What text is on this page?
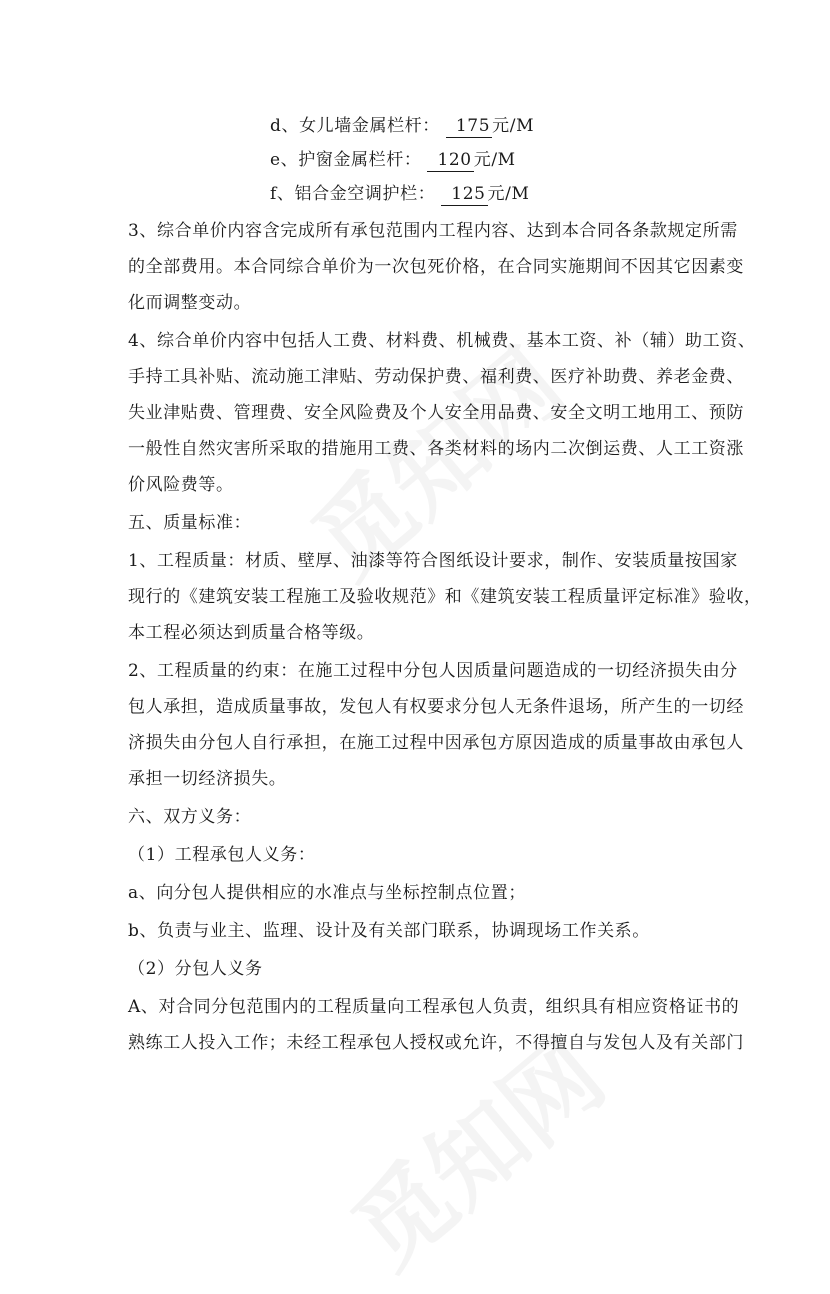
d、女儿墙金属栏杆： 175 元/M
e、护窗金属栏杆： 120 元/M
f、铝合金空调护栏： 125 元/M
3、综合单价内容含完成所有承包范围内工程内容、达到本合同各条款规定所需
的全部费用。本合同综合单价为一次包死价格，在合同实施期间不因其它因素变
化而调整变动。
4、综合单价内容中包括人工费、材料费、机械费、基本工资、补（辅）助工资、
手持工具补贴、流动施工津贴、劳动保护费、福利费、医疗补助费、养老金费、
失业津贴费、管理费、安全风险费及个人安全用品费、安全文明工地用工、预防
一般性自然灾害所采取的措施用工费、各类材料的场内二次倒运费、人工工资涨
价风险费等。
五、质量标准：
1、工程质量：材质、壁厚、油漆等符合图纸设计要求，制作、安装质量按国家
现行的《建筑安装工程施工及验收规范》和《建筑安装工程质量评定标准》验收，
本工程必须达到质量合格等级。
2、工程质量的约束：在施工过程中分包人因质量问题造成的一切经济损失由分
包人承担，造成质量事故，发包人有权要求分包人无条件退场，所产生的一切经
济损失由分包人自行承担，在施工过程中因承包方原因造成的质量事故由承包人
承担一切经济损失。
六、双方义务：
（1）工程承包人义务：
a、向分包人提供相应的水准点与坐标控制点位置；
b、负责与业主、监理、设计及有关部门联系，协调现场工作关系。
（2）分包人义务
A、对合同分包范围内的工程质量向工程承包人负责，组织具有相应资格证书的
熟练工人投入工作；未经工程承包人授权或允许，不得擅自与发包人及有关部门
